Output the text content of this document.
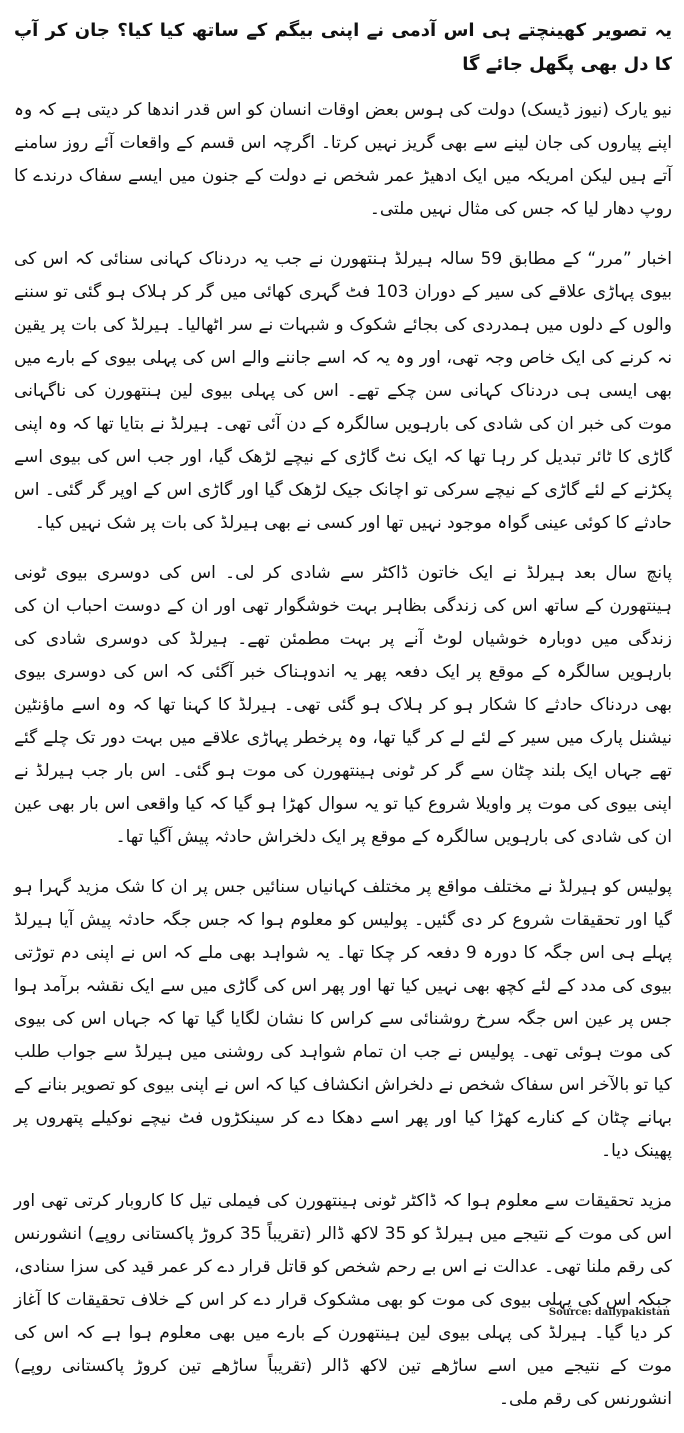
یہ تصویر کھینچتے ہی اس آدمی نے اپنی بیگم کے ساتھ کیا کیا؟ جان کر آپ کا دل بھی پگھل جائے گا

نیو یارک (نیوز ڈیسک) دولت کی ہوس بعض اوقات انسان کو اس قدر اندھا کر دیتی ہے کہ وہ اپنے پیاروں کی جان لینے سے بھی گریز نہیں کرتا۔ اگرچہ اس قسم کے واقعات آئے روز سامنے آتے ہیں لیکن امریکہ میں ایک ادھیڑ عمر شخص نے دولت کے جنون میں ایسے سفاک درندے کا روپ دھار لیا کہ جس کی مثال نہیں ملتی۔

اخبار ”مرر“ کے مطابق 59 سالہ ہیرلڈ ہنتھورن نے جب یہ دردناک کہانی سنائی کہ اس کی بیوی پہاڑی علاقے کی سیر کے دوران 103 فٹ گہری کھائی میں گر کر ہلاک ہو گئی تو سننے والوں کے دلوں میں ہمدردی کی بجائے شکوک و شبہات نے سر اٹھالیا۔ ہیرلڈ کی بات پر یقین نہ کرنے کی ایک خاص وجہ تھی، اور وہ یہ کہ اسے جاننے والے اس کی پہلی بیوی کے بارے میں بھی ایسی ہی دردناک کہانی سن چکے تھے۔ اس کی پہلی بیوی لین ہنتھورن کی ناگہانی موت کی خبر ان کی شادی کی بارہویں سالگرہ کے دن آئی تھی۔ ہیرلڈ نے بتایا تھا کہ وہ اپنی گاڑی کا ٹائر تبدیل کر رہا تھا کہ ایک نٹ گاڑی کے نیچے لڑھک گیا، اور جب اس کی بیوی اسے پکڑنے کے لئے گاڑی کے نیچے سرکی تو اچانک جیک لڑھک گیا اور گاڑی اس کے اوپر گر گئی۔ اس حادثے کا کوئی عینی گواہ موجود نہیں تھا اور کسی نے بھی ہیرلڈ کی بات پر شک نہیں کیا۔

پانچ سال بعد ہیرلڈ نے ایک خاتون ڈاکٹر سے شادی کر لی۔ اس کی دوسری بیوی ٹونی ہینتھورن کے ساتھ اس کی زندگی بظاہر بہت خوشگوار تھی اور ان کے دوست احباب ان کی زندگی میں دوبارہ خوشیاں لوٹ آنے پر بہت مطمئن تھے۔ ہیرلڈ کی دوسری شادی کی بارہویں سالگرہ کے موقع پر ایک دفعہ پھر یہ اندوہناک خبر آگئی کہ اس کی دوسری بیوی بھی دردناک حادثے کا شکار ہو کر ہلاک ہو گئی تھی۔ ہیرلڈ کا کہنا تھا کہ وہ اسے ماؤنٹین نیشنل پارک میں سیر کے لئے لے کر گیا تھا، وہ پرخطر پہاڑی علاقے میں بہت دور تک چلے گئے تھے جہاں ایک بلند چٹان سے گر کر ٹونی ہینتھورن کی موت ہو گئی۔ اس بار جب ہیرلڈ نے اپنی بیوی کی موت پر واویلا شروع کیا تو یہ سوال کھڑا ہو گیا کہ کیا واقعی اس بار بھی عین ان کی شادی کی بارہویں سالگرہ کے موقع پر ایک دلخراش حادثہ پیش آگیا تھا۔

پولیس کو ہیرلڈ نے مختلف مواقع پر مختلف کہانیاں سنائیں جس پر ان کا شک مزید گہرا ہو گیا اور تحقیقات شروع کر دی گئیں۔ پولیس کو معلوم ہوا کہ جس جگہ حادثہ پیش آیا ہیرلڈ پہلے ہی اس جگہ کا دورہ 9 دفعہ کر چکا تھا۔ یہ شواہد بھی ملے کہ اس نے اپنی دم توڑتی بیوی کی مدد کے لئے کچھ بھی نہیں کیا تھا اور پھر اس کی گاڑی میں سے ایک نقشہ برآمد ہوا جس پر عین اس جگہ سرخ روشنائی سے کراس کا نشان لگایا گیا تھا کہ جہاں اس کی بیوی کی موت ہوئی تھی۔ پولیس نے جب ان تمام شواہد کی روشنی میں ہیرلڈ سے جواب طلب کیا تو بالآخر اس سفاک شخص نے دلخراش انکشاف کیا کہ اس نے اپنی بیوی کو تصویر بنانے کے بہانے چٹان کے کنارے کھڑا کیا اور پھر اسے دھکا دے کر سینکڑوں فٹ نیچے نوکیلے پتھروں پر پھینک دیا۔

مزید تحقیقات سے معلوم ہوا کہ ڈاکٹر ٹونی ہینتھورن کی فیملی تیل کا کاروبار کرتی تھی اور اس کی موت کے نتیجے میں ہیرلڈ کو 35 لاکھ ڈالر (تقریباً 35 کروڑ پاکستانی روپے) انشورنس کی رقم ملنا تھی۔ عدالت نے اس بے رحم شخص کو قاتل قرار دے کر عمر قید کی سزا سنادی، جبکہ اس کی پہلی بیوی کی موت کو بھی مشکوک قرار دے کر اس کے خلاف تحقیقات کا آغاز کر دیا گیا۔ ہیرلڈ کی پہلی بیوی لین ہینتھورن کے بارے میں بھی معلوم ہوا ہے کہ اس کی موت کے نتیجے میں اسے ساڑھے تین لاکھ ڈالر (تقریباً ساڑھے تین کروڑ پاکستانی روپے) انشورنس کی رقم ملی۔

Source: dailypakistan
